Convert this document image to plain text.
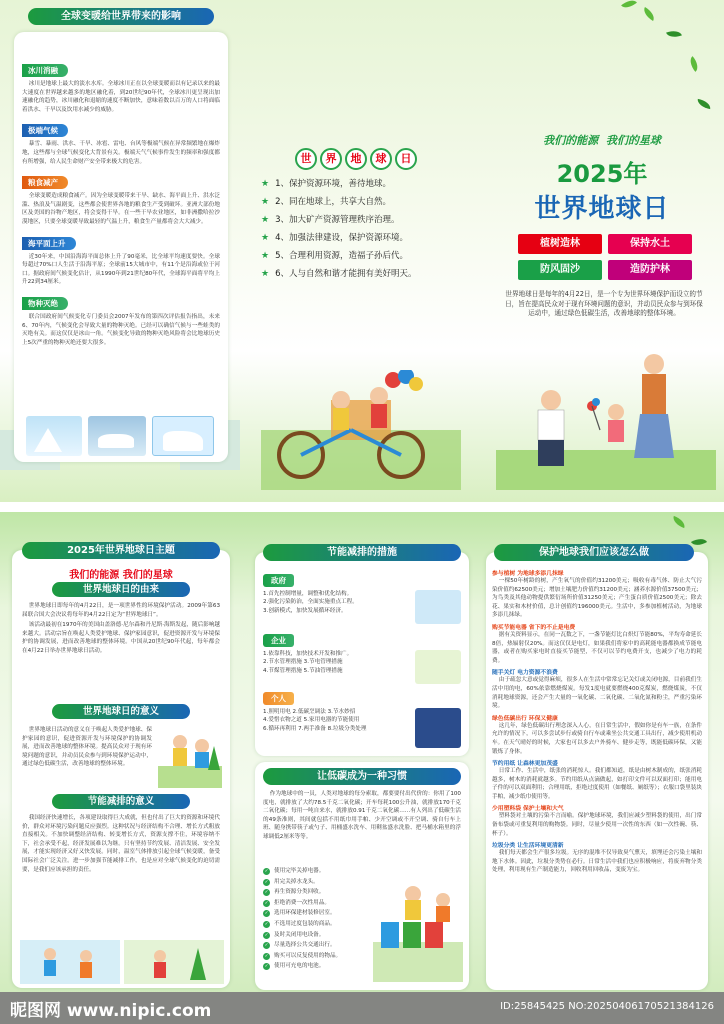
全球变暖给世界带来的影响
冰川消融

冰川是地球上最大的淡水水库。全球冰川正在以全球变暖而以有记录以来的最大速度在世界越来越多的地区融化着，到20世纪90年代，全球冰川更呈现出加速融化的趋势，冰川融化和退缩的速度不断加快，意味着数以百万的人口将面临着洪水、干旱以及饮用水减少的威胁。

极端气候

暴雪、暴雨、洪水、干旱、冰雹、雷电、台风等极端气候在异常频繁地在爆炸地，这些都与全球气候变化大背景有关。极端天气气候事件发生的频率和强度都有所增强，给人民生命财产安全带来极大的危害。

粮食减产

全球变暖造成粮食减产。因为全球变暖带来干旱、缺水、海平面上升、洪水泛滥、热浪及气温剧变，这些都会使世界各地的粮食生产受到破坏。亚洲大部份地区及美国的谷物产地区，将会变得干旱。在一些干旱农业地区，如非洲撒哈拉沙漠地区，只要全球变暖导致最轻的气温上升，粮食生产量都将会大大减少。

海平面上升

近30年来，中国沿海海平面总体上升了90毫米，比全球平均速度要快。全球每超过70%口人生活于沿海平原；全球前15大城市中，有11个是沿海或位于河口。据政府间气候变化估计，从1990年到21世纪80年代，全球海平面将平均上升22到34厘米。

物种灭绝

联合国政府间气候变化专门委员会2007年发布的第四次评估报告指出，未来6、70年内，气候变化会导致大量的物种灭绝。已经可以确信气候与一些蛙类的灭绝有关。而这仅仅是冰山一角。气候变化导致的物种灭绝风险将会比地球历史上5次严重的物种灭绝还要大很多。

世	界	地	球	日
★ 1、保护资源环境，善待地球。
★ 2、同在地球上，共享大自然。
★ 3、加大矿产资源管理秩序治理。
★ 4、加强法律建设，保护资源环境。
★ 5、合理利用资源，造福子孙后代。
★ 6、人与自然和谐才能拥有美好明天。
我们的能源  我们的星球
2025年
世界地球日
植树造林	保持水土
防风固沙	造防护林

世界地球日是每年的4月22日，是一个专为世界环境保护而设立的节日，旨在提高民众对于现有环境问题的意识，并动员民众参与到环保运动中，通过绿色低碳生活，改善地球的整体环境。

2025年世界地球日主题
我们的能源 我们的星球
世界地球日的由来

世界地球日即每年的4月22日，是一项世界性的环境保护活动。2009年第63届联合国大会决议将每年的4月22日定为“世界地球日”。

该活动最初在1970年的美国由盖洛德·尼尔森和丹尼斯·海斯发起，随后影响越来越大。活动宗旨在唤起人类爱护地球、保护家园意识，促进资源开发与环境保护的协调发展，进而改善地球的整体环境。中国从20世纪90年代起，每年都会在4月22日举办世界地球日活动。

世界地球日的意义

世界地球日活动的意义在于唤起人类爱护地球、保护家园的意识，促进资源开发与环境保护的协调发展，进而改善地球的整体环境。提高民众对于现有环境问题的意识，并动员民众参与到环境保护运动中，通过绿色低碳生活，改善地球的整体环境。

节能减排的意义

我国经济快速增长，各项建设取得巨大成就，但也付出了巨大的资源和环境代价，群众对环境污染问题反应强烈。这种状况与经济结构不合理、增长方式粗放直接相关。不加快调整经济结构、转变增长方式，资源支撑不住，环境容纳不下，社会承受不起，经济发展难以为继。只有坚持节约发展、清洁发展、安全发展，才能实现经济又好又快发展。同时，温室气体排放引起全球气候变暖，备受国际社会广泛关注。进一步加强节能减排工作，也是应对全球气候变化的迫切需要，是我们应该承担的责任。

节能减排的措施
政府
1.首先控制增量，调整和优化结构。
2.强化污染防治，全面实施重点工程。
3.创新模式，加快发展循环经济。
企业
1.依靠科技，加快技术开发和推广。
2.节水管理措施 3.节电管理措施
4.节煤管理措施 5.节油管理措施
个人
1.照明用电 2.低碳烹调法 3.节水妙招
4.爱惜衣物之道 5.家用电器的节能使用
6.循环再利用 7.两手准备 8.垃圾分类处理
让低碳成为一种习惯

作为地球中的一员，人类对地球的每分索取，都要要付出代价的：你用了100度电，就排放了大约78.5千克二氧化碳；开车每耗100公升油，就排放170千克二氧化碳；每用一吨自来水，就排放0.91千克二氧化碳……有人列出了低碳生活的49条准则，其间就包括不用纸巾用手帕、少开空调或不开空调、骑自行车上班、随身携带筷子或勺子、用桶盛水洗车、用剩盆盛水洗脸、把马桶水箱里的浮球调低2厘米等等。

✓ 使用完毕关掉电器。
✓ 用完关掉水龙头。
✓ 再生资源分类回收。
✓ 拒绝消费一次性用品。
✓ 选用环保建材装修居室。
✓ 不选用过度包装的商品。
✓ 及时关闭用电设备。
✓ 尽量选择公共交通出行。
✓ 购买可以反复使用的物品。
✓ 使用可充电的电池。
保护地球我们应该怎么做
参与植树 为地球多添几抹绿

一棵50年树龄的树，产生氧气的价值约31200美元；吸收有毒气体、防止大气污染价值约62500美元；增加土壤肥力价值约31200美元；涵养水源价值37500美元；为鸟类及其他动物提供繁衍场所价值31250美元；产生蛋白质价值2500美元；除去花、果实和木材价值，总计创值约196000美元。生活中，多参加植树活动，为地球多添几抹绿。

购买节能电器 省下的不止是电费

据有关资料显示，在同一瓦数之下，一盏节能灯比白炽灯节能80%，平均寿命延长8倍，热辐射仅20%。而这仅仅是电灯，如果我们将家中的高耗能电器都换成节能电器，或者在购买家电时直接买节能型，不仅可以节约电费开支，也减少了电力的耗费。

随手关灯 电力资源不浪费

由于疏忽大意或觉得麻烦，很多人在生活中常常忘记关灯或关闭电源，目前我们生活中用的电，60%依靠燃烧煤炭。每发1度电就要燃烧400克煤炭，燃烧煤炭，不仅消耗地球资源，还会产生大量的一氧化碳、二氧化碳、二氧化氮和粉尘，严重污染环境。

绿色低碳出行 环保又健康

这几年，绿色低碳出行理念深入人心，在日常生活中，假如你是有车一族，在条件允许的情况下，可以多尝试步行或骑自行车或乘坐公共交通工具出行，减少使用机动车。在天气晴好的时候，大家也可以多去户外骑车、健步走等，既能低碳环保，又能锻炼了身体。

节约用纸 让森林更加茂盛

日常工作、生活中，纸张的消耗惊人。我们都知道，纸是由树木制成的，纸张消耗越多，树木的消耗就越多。节约用纸从点滴做起，如打印文件可以双面打印；能用电子件的可以双面利用；合理用纸，拒绝过度使用（如餐纸、厕纸等）；衣服口袋里装块手帕，减少纸巾使用等。

少用塑料袋 保护土壤和大气

塑料袋对土壤的污染不言而喻。保护地球环境，我们应减少塑料袋的使用，出门常备布袋或可重复利用的购物袋。同时，尽量少使用一次性的东西（如一次性碗、筷、杯子）。

垃圾分类 让生活环境更清新

我们每天都会生产很多垃圾。无序的混堆不仅导致臭气熏天，填埋还会污染土壤和地下水体。因此，垃圾分类势在必行。日常生活中我们也应积极响应，将废弃物分类处理，利用现有生产制造能力，回收利用回收品，变废为宝。

昵图网 www.nipic.com	ID:25845425 NO:20250406170521384126
